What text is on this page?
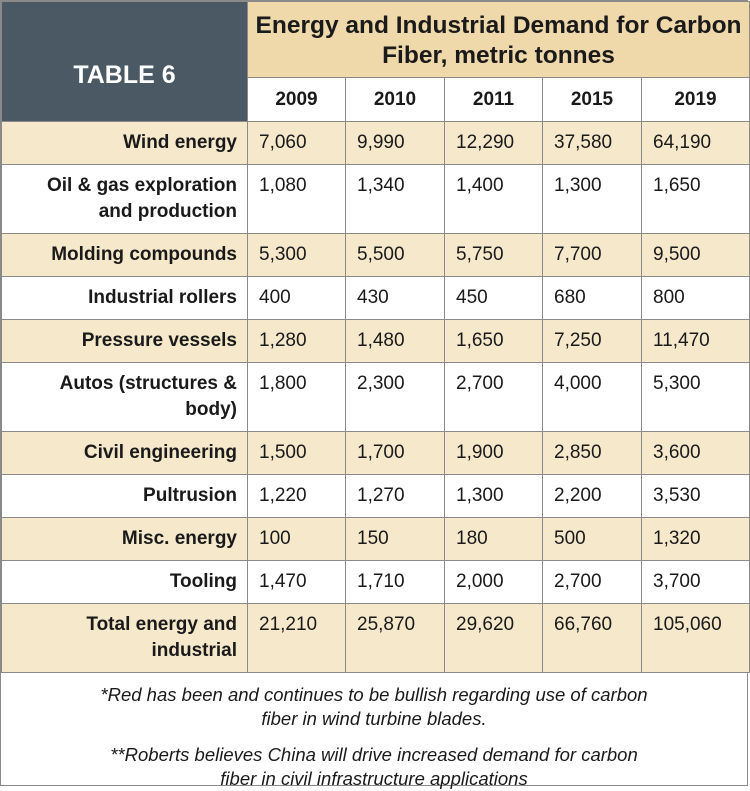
TABLE 6	Energy and Industrial Demand for Carbon Fiber, metric tonnes				
	2009	2010	2011	2015	2019
Wind energy	7,060	9,990	12,290	37,580	64,190
Oil & gas exploration and production	1,080	1,340	1,400	1,300	1,650
Molding compounds	5,300	5,500	5,750	7,700	9,500
Industrial rollers	400	430	450	680	800
Pressure vessels	1,280	1,480	1,650	7,250	11,470
Autos (structures & body)	1,800	2,300	2,700	4,000	5,300
Civil engineering	1,500	1,700	1,900	2,850	3,600
Pultrusion	1,220	1,270	1,300	2,200	3,530
Misc. energy	100	150	180	500	1,320
Tooling	1,470	1,710	2,000	2,700	3,700
Total energy and industrial	21,210	25,870	29,620	66,760	105,060

*Red has been and continues to be bullish regarding use of carbon fiber in wind turbine blades.

**Roberts believes China will drive increased demand for carbon fiber in civil infrastructure applications
